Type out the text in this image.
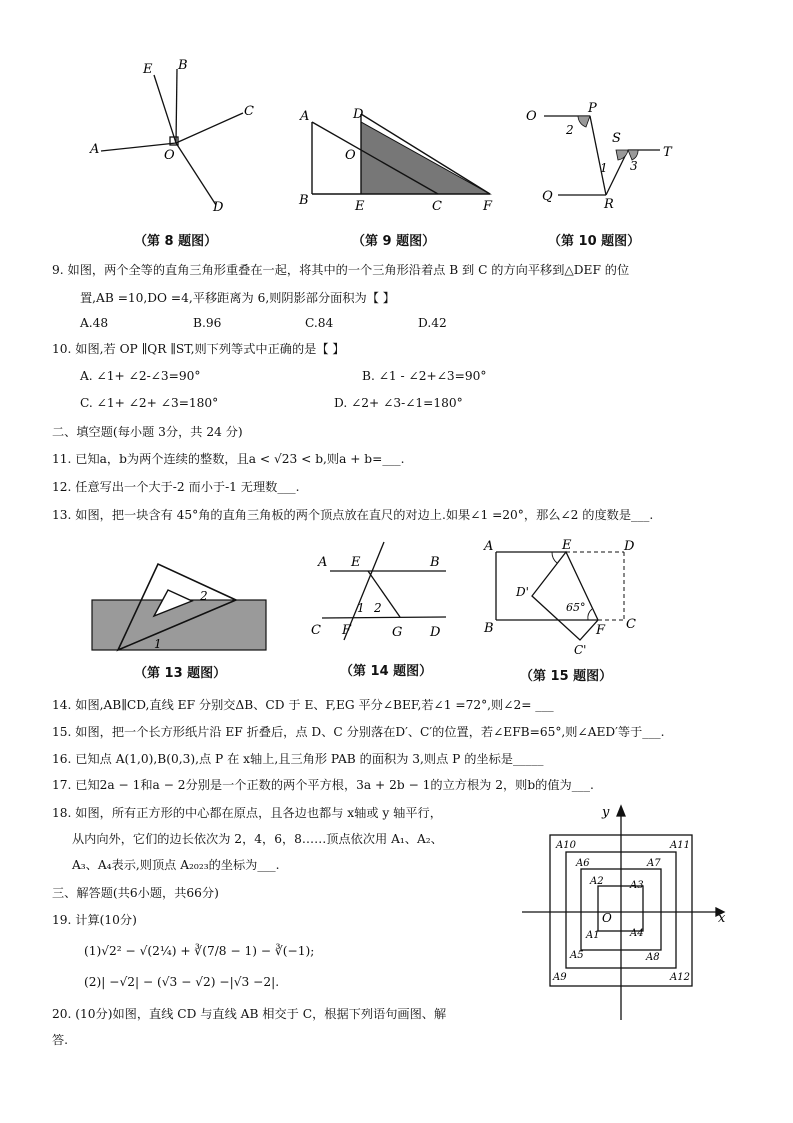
E B
C
A	O
D
（第 8 题图）
A	D
O
B	E	C	F
（第 9 题图）
O
P
2
S
T
1 3
Q
R
（第 10 题图）
9. 如图，两个全等的直角三角形重叠在一起，将其中的一个三角形沿着点 B 到 C 的方向平移到△DEF 的位
置,AB =10,DO =4,平移距离为 6,则阴影部分面积为【 】
A.48	B.96	C.84	D.42
10. 如图,若 OP ∥QR ∥ST,则下列等式中正确的是【 】
A. ∠1+ ∠2-∠3=90°	B. ∠1 - ∠2+∠3=90°
C. ∠1+ ∠2+ ∠3=180°	D. ∠2+ ∠3-∠1=180°
二、填空题(每小题 3分，共 24 分)
11. 已知a，b为两个连续的整数，且a < √23 < b,则a + b=___.
12. 任意写出一个大于-2 而小于-1 无理数___.
13. 如图，把一块含有 45°角的直角三角板的两个顶点放在直尺的对边上.如果∠1 =20°，那么∠2 的度数是___.
2
1
（第 13 题图）
A E	B
1 2
C F	G D
（第 14 题图）
A	E	D
D'
65°
B	F C
C'
（第 15 题图）
14. 如图,AB∥CD,直线 EF 分别交ΔB、CD 于 E、F,EG 平分∠BEF,若∠1 =72°,则∠2= ___
15. 如图，把一个长方形纸片沿 EF 折叠后，点 D、C 分别落在D′、C′的位置，若∠EFB=65°,则∠AED′等于___.
16. 已知点 A(1,0),B(0,3),点 P 在 x轴上,且三角形 PAB 的面积为 3,则点 P 的坐标是_____
17. 已知2a − 1和a − 2分别是一个正数的两个平方根，3a + 2b − 1的立方根为 2，则b的值为___.
18. 如图，所有正方形的中心都在原点，且各边也都与 x轴或 y 轴平行，
从内向外，它们的边长依次为 2，4，6，8……顶点依次用 A₁、A₂、
A₃、A₄表示,则顶点 A₂₀₂₃的坐标为___.
y
x
O
A1
A2	A3
A4
A5
A6	A7
A8
A9
A10	A11
A12
三、解答题(共6小题，共66分)
19. 计算(10分)
(1)√2² − √(2¼) + ∛(7/8 − 1) − ∛(−1);
(2)| −√2| − (√3 − √2) −|√3 −2|.
20. (10分)如图，直线 CD 与直线 AB 相交于 C，根据下列语句画图、解
答.
